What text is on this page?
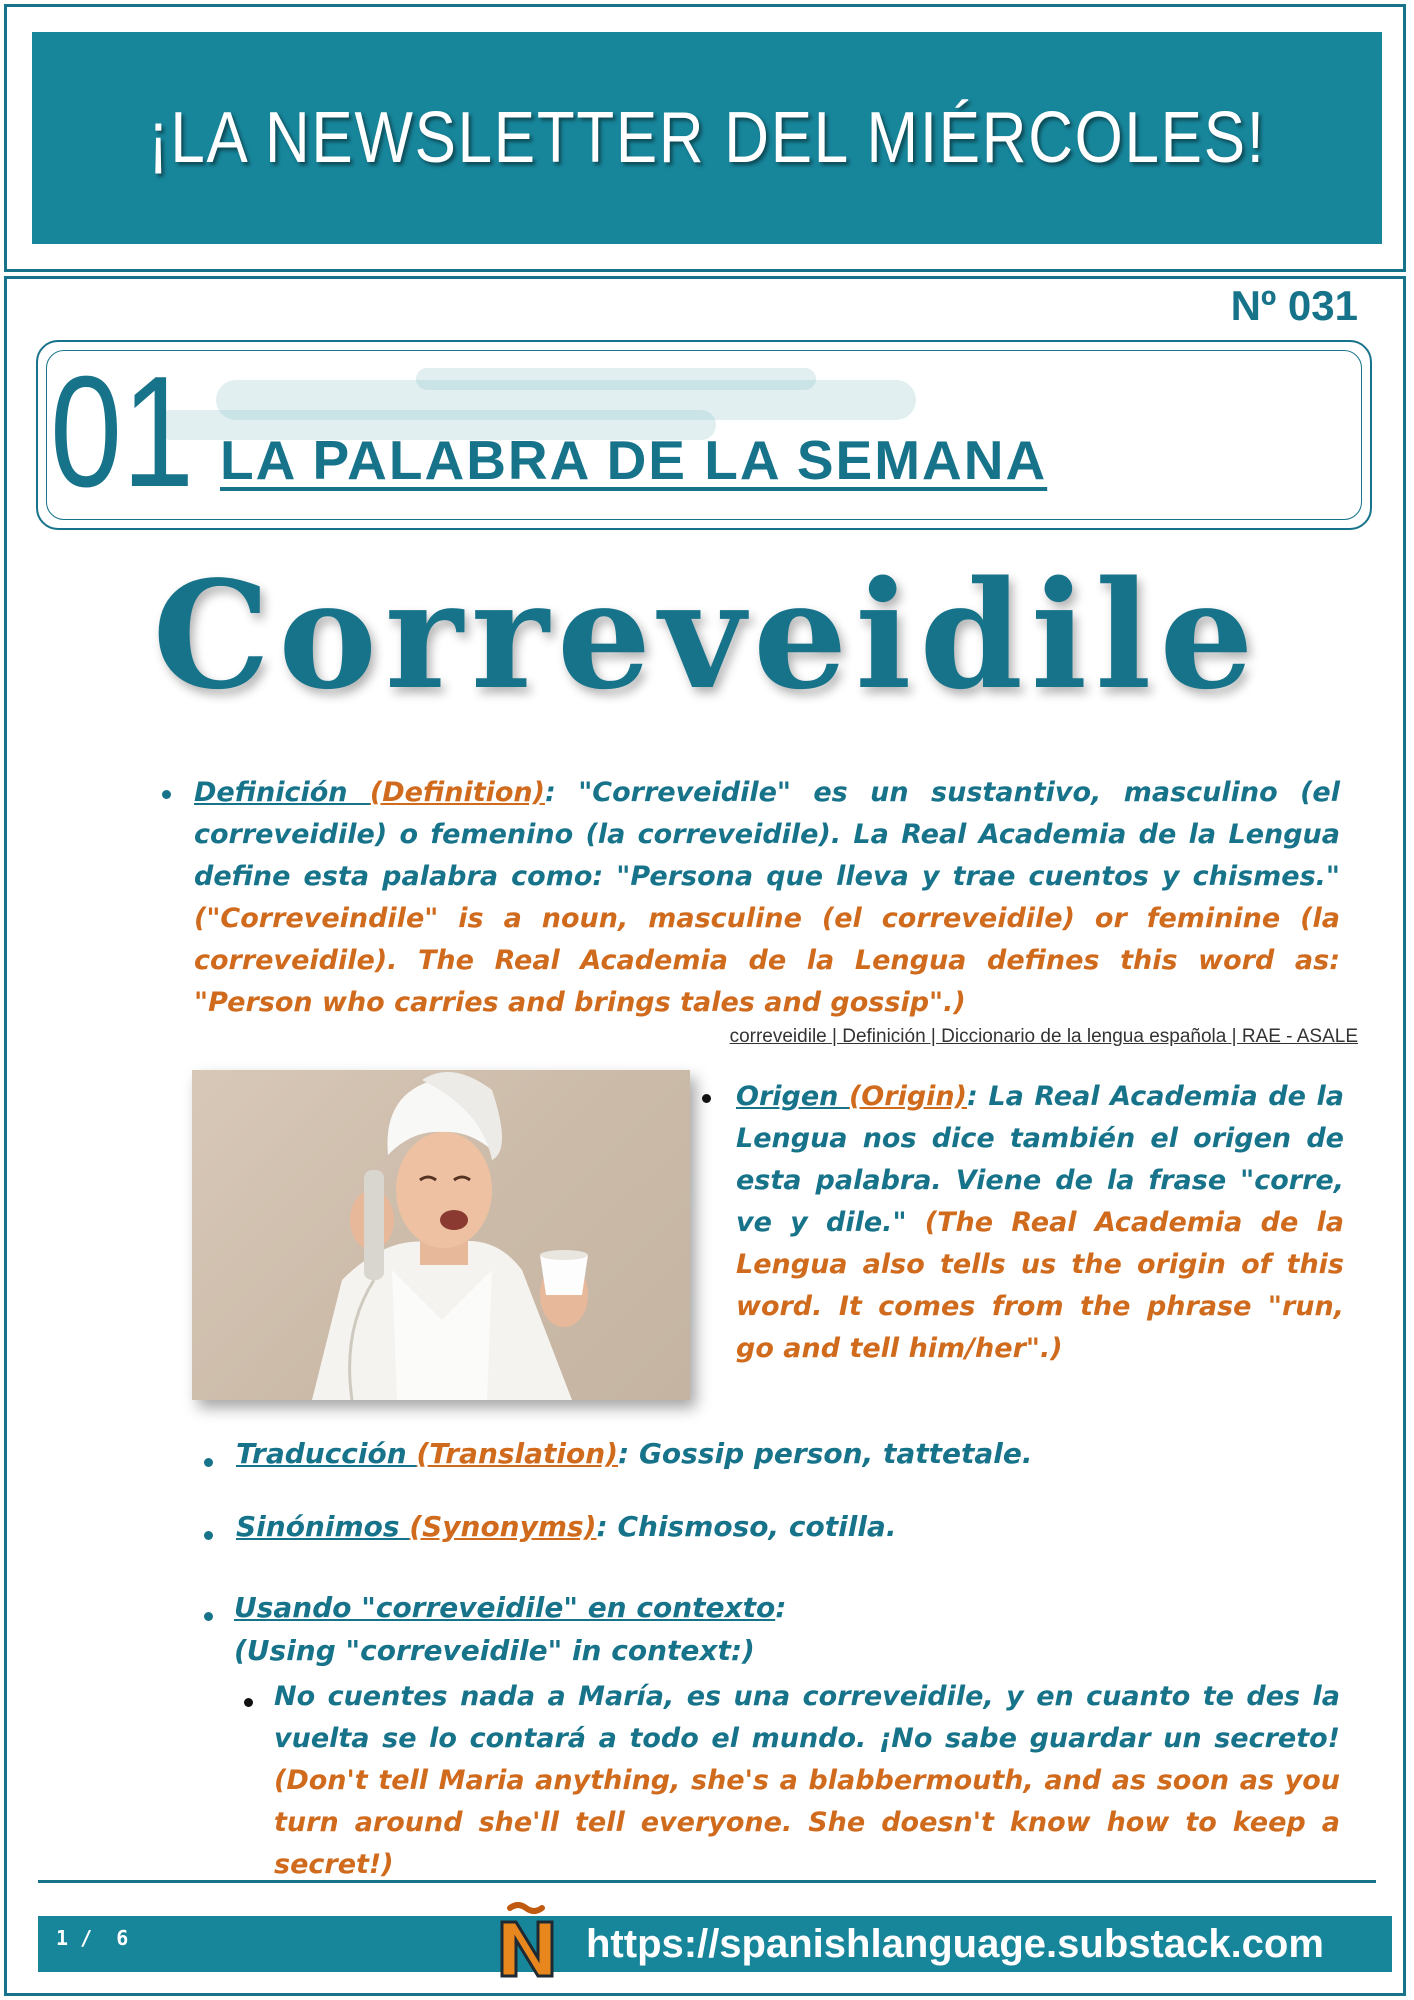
¡LA NEWSLETTER DEL MIÉRCOLES!
Nº 031
01 LA PALABRA DE LA SEMANA
Correveidile
Definición (Definition): "Correveidile" es un sustantivo, masculino (el correveidile) o femenino (la correveidile). La Real Academia de la Lengua define esta palabra como: "Persona que lleva y trae cuentos y chismes." ("Correveindile" is a noun, masculine (el correveidile) or feminine (la correveidile). The Real Academia de la Lengua defines this word as: "Person who carries and brings tales and gossip".)
correveidile | Definición | Diccionario de la lengua española | RAE - ASALE
Origen (Origin): La Real Academia de la Lengua nos dice también el origen de esta palabra. Viene de la frase "corre, ve y dile." (The Real Academia de la Lengua also tells us the origin of this word. It comes from the phrase "run, go and tell him/her".)
Traducción (Translation): Gossip person, tattetale.
Sinónimos (Synonyms): Chismoso, cotilla.
Usando "correveidile" en contexto:
(Using "correveidile" in context:)
No cuentes nada a María, es una correveidile, y en cuanto te des la vuelta se lo contará a todo el mundo. ¡No sabe guardar un secreto! (Don't tell Maria anything, she's a blabbermouth, and as soon as you turn around she'll tell everyone. She doesn't know how to keep a secret!)
1 /  6	https://spanishlanguage.substack.com
